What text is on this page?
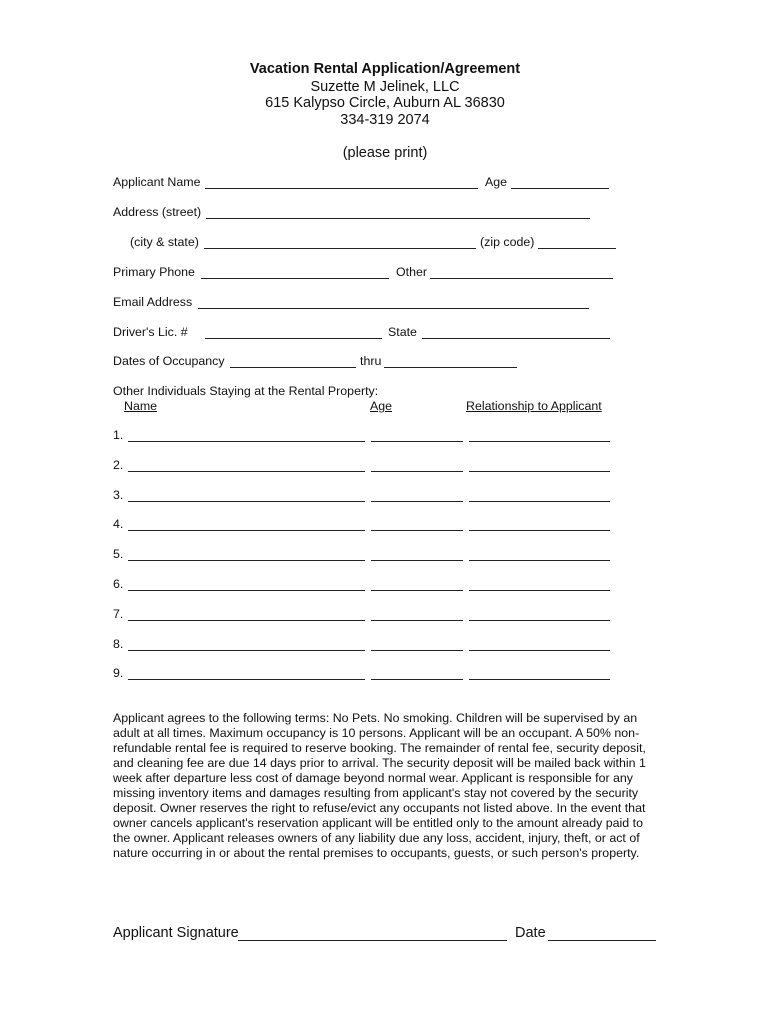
Vacation Rental Application/Agreement
Suzette M Jelinek, LLC
615 Kalypso Circle, Auburn AL 36830
334-319 2074
(please print)
Applicant Name	Age
Address (street)
(city & state)	(zip code)
Primary Phone	Other
Email Address
Driver's Lic. #	State
Dates of Occupancy	thru
Other Individuals Staying at the Rental Property:
Name	Age	Relationship to Applicant
1.
2.
3.
4.
5.
6.
7.
8.
9.
Applicant agrees to the following terms: No Pets. No smoking. Children will be supervised by an adult at all times. Maximum occupancy is 10 persons. Applicant will be an occupant. A 50% non-refundable rental fee is required to reserve booking. The remainder of rental fee, security deposit, and cleaning fee are due 14 days prior to arrival. The security deposit will be mailed back within 1 week after departure less cost of damage beyond normal wear. Applicant is responsible for any missing inventory items and damages resulting from applicant's stay not covered by the security deposit. Owner reserves the right to refuse/evict any occupants not listed above. In the event that owner cancels applicant's reservation applicant will be entitled only to the amount already paid to the owner. Applicant releases owners of any liability due any loss, accident, injury, theft, or act of nature occurring in or about the rental premises to occupants, guests, or such person's property.
Applicant Signature	Date
